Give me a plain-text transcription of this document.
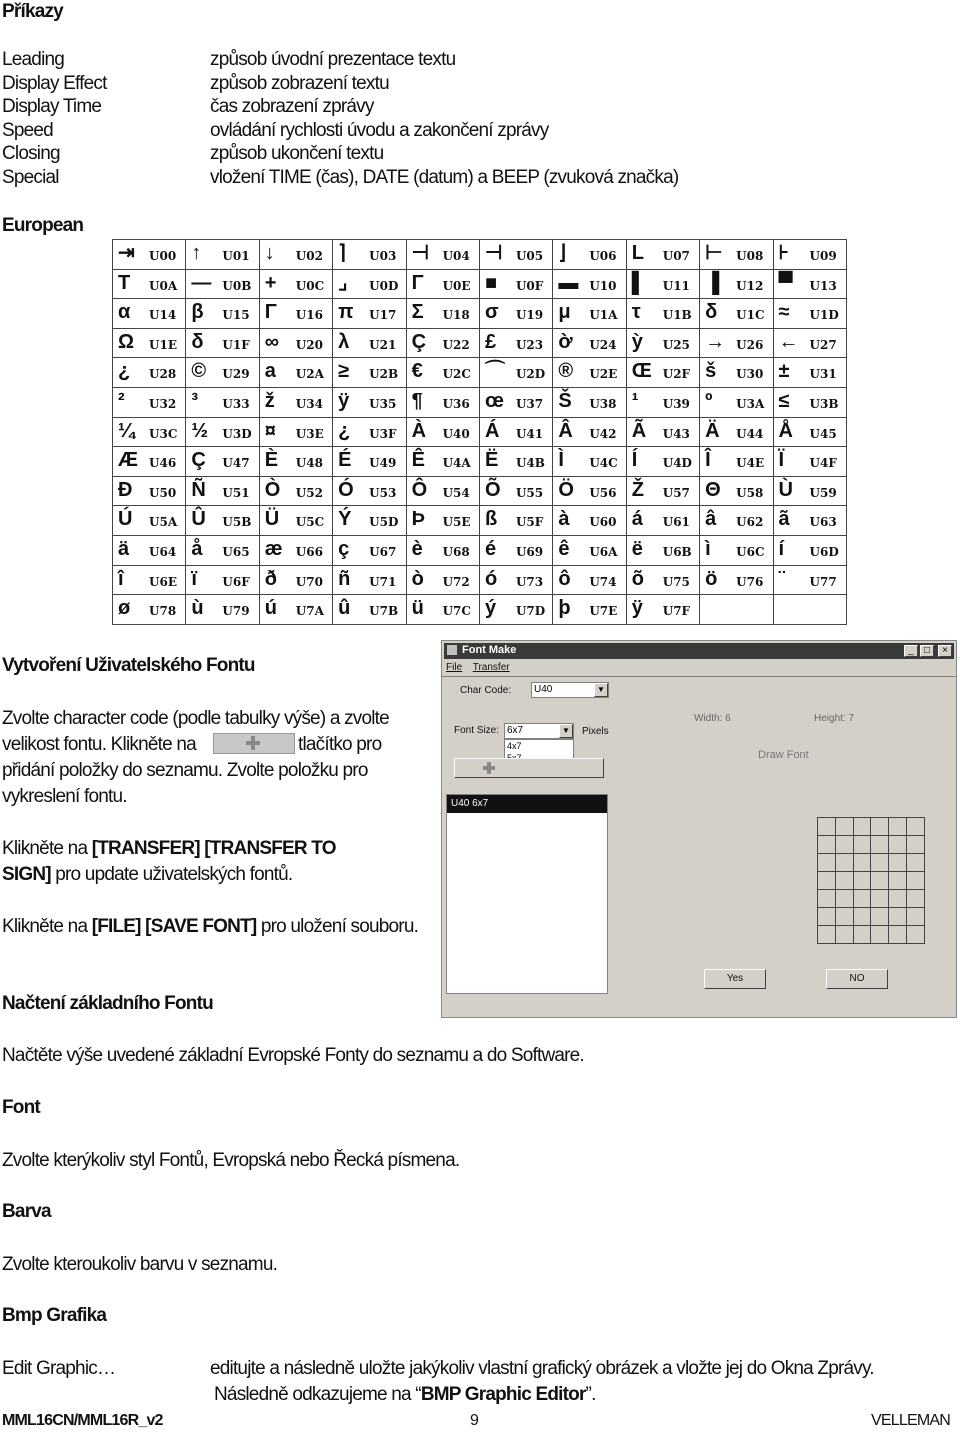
Příkazy
Leading	způsob úvodní prezentace textu
Display Effect	způsob zobrazení textu
Display Time	čas zobrazení zprávy
Speed	ovládání rychlosti úvodu a zakončení zprávy
Closing	způsob ukončení textu
Special	vložení TIME (čas), DATE (datum) a BEEP (zvuková značka)
European
⇥ U00	↑ U01	↓ U02	⌉ U03	⊣ U04	⊣ U05	⌋ U06	L U07	⊢ U08	⊦ U09

T U0A	— U0B	+ U0C	⌟ U0D	Γ U0E	■ U0F	▬ U10	▌ U11	▐ U12	▀ U13

α U14	β U15	Γ U16	π U17	Σ U18	σ U19	μ U1A	τ U1B	δ U1C	≈ U1D

Ω U1E	δ U1F	∞ U20	λ U21	Ç U22	£ U23	ờ U24	ỳ U25	→ U26	← U27

¿ U28	© U29	a U2A	≥ U2B	€ U2C	⌒ U2D	® U2E	Œ U2F	š U30	± U31

² U32	³ U33	ž U34	ÿ U35	¶ U36	œ U37	Š U38	¹ U39	º U3A	≤ U3B

¼ U3C	½ U3D	¤ U3E	¿ U3F	À U40	Á U41	Â U42	Ã U43	Ä U44	Å U45

Æ U46	Ç U47	È U48	É U49	Ê U4A	Ë U4B	Ì U4C	Í U4D	Î U4E	Ï U4F

Ð U50	Ñ U51	Ò U52	Ó U53	Ô U54	Õ U55	Ö U56	Ž U57	Θ U58	Ù U59

Ú U5A	Û U5B	Ü U5C	Ý U5D	Þ U5E	ß U5F	à U60	á U61	â U62	ã U63

ä U64	å U65	æ U66	ç U67	è U68	é U69	ê U6A	ë U6B	ì U6C	í U6D

î U6E	ï U6F	ð U70	ñ U71	ò U72	ó U73	ô U74	õ U75	ö U76	¨ U77

ø U78	ù U79	ú U7A	û U7B	ü U7C	ý U7D	þ U7E	ÿ U7F		

Vytvoření Uživatelského Fontu
Zvolte character code (podle tabulky výše) a zvolte
velikost fontu. Klikněte na	tlačítko pro
přidání položky do seznamu. Zvolte položku pro
vykreslení fontu.
Klikněte na [TRANSFER] [TRANSFER TO
SIGN] pro update uživatelských fontů.
Klikněte na [FILE] [SAVE FONT] pro uložení souboru.
Font Make	_	□	×
File Transfer
Char Code: U40	▼
Font Size: 6x7	▼
4x7
Pixels
U40 6x7
Width: 6	Height: 7
Draw Font

Yes	NO
Načtení základního Fontu
Načtěte výše uvedené základní Evropské Fonty do seznamu a do Software.
Font
Zvolte kterýkoliv styl Fontů, Evropská nebo Řecká písmena.
Barva
Zvolte kteroukoliv barvu v seznamu.
Bmp Grafika
Edit Graphic…	editujte a následně uložte jakýkoliv vlastní grafický obrázek a vložte jej do Okna Zprávy.
Následně odkazujeme na “BMP Graphic Editor”.
MML16CN/MML16R_v2	9	VELLEMAN
